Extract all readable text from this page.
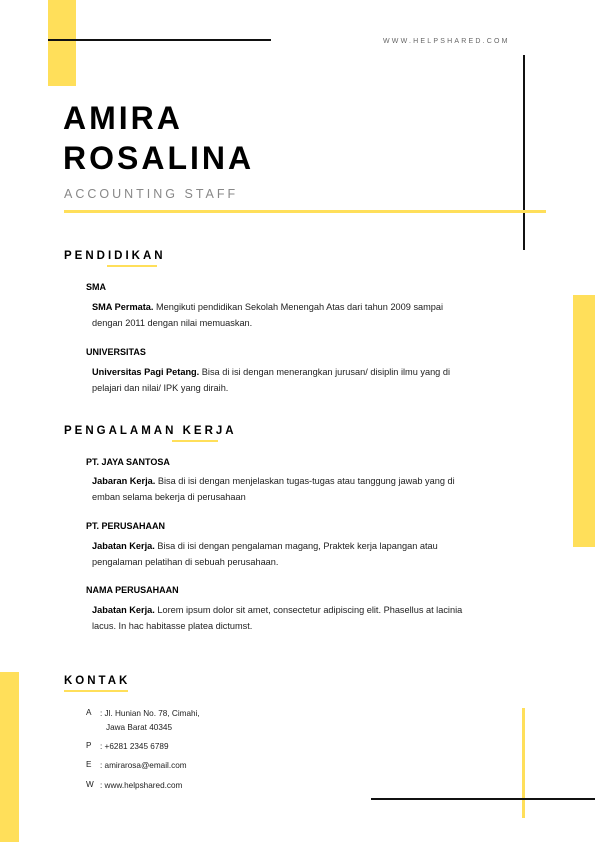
WWW.HELPSHARED.COM
AMIRA
ROSALINA
ACCOUNTING STAFF
PENDIDIKAN
SMA
SMA Permata. Mengikuti pendidikan Sekolah Menengah Atas dari tahun 2009 sampai dengan 2011 dengan nilai memuaskan.
UNIVERSITAS
Universitas Pagi Petang. Bisa di isi dengan menerangkan jurusan/ disiplin ilmu yang di pelajari dan nilai/ IPK yang diraih.
PENGALAMAN KERJA
PT. JAYA SANTOSA
Jabaran Kerja. Bisa di isi dengan menjelaskan tugas-tugas atau tanggung jawab yang di emban selama bekerja di perusahaan
PT. PERUSAHAAN
Jabatan Kerja. Bisa di isi dengan pengalaman magang, Praktek kerja lapangan atau pengalaman pelatihan di sebuah perusahaan.
NAMA PERUSAHAAN
Jabatan Kerja. Lorem ipsum dolor sit amet, consectetur adipiscing elit. Phasellus at lacinia lacus. In hac habitasse platea dictumst.
KONTAK
A	: Jl. Hunian No. 78, Cimahi,
Jawa Barat 40345
P	: +6281 2345 6789
E	: amirarosa@email.com
W : www.helpshared.com
